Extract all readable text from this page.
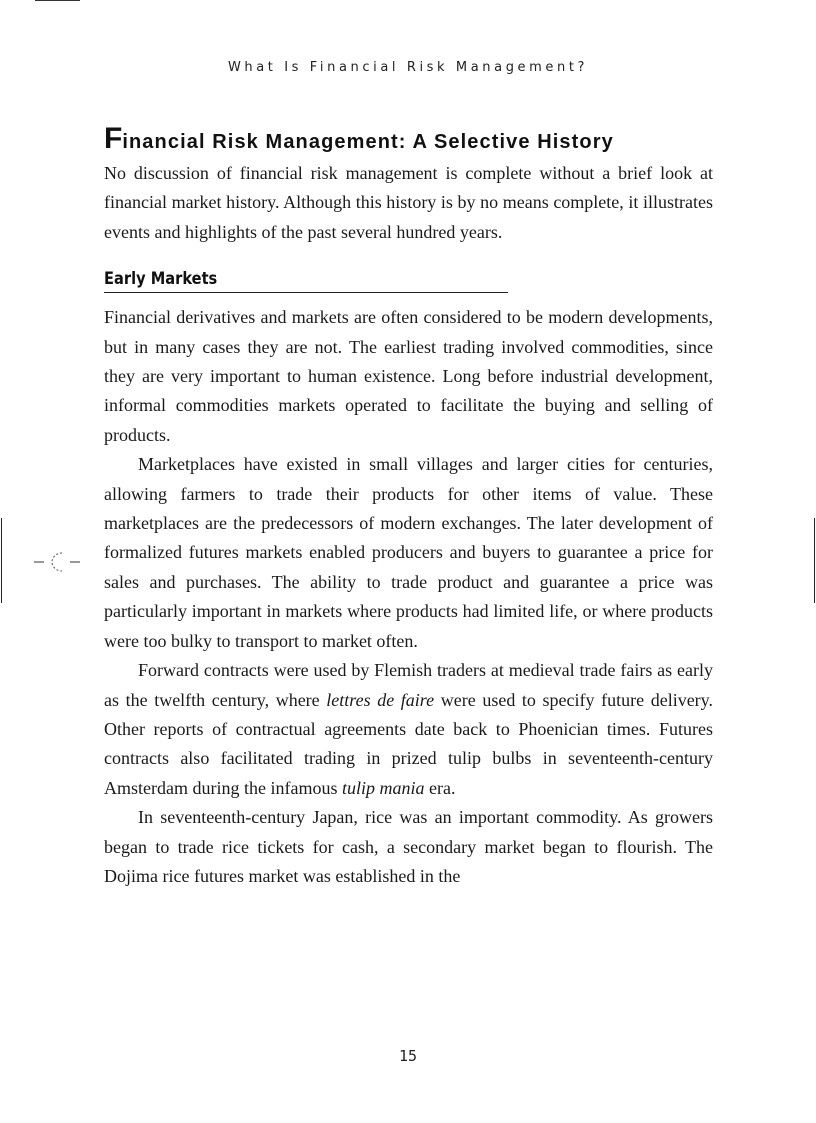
What Is Financial Risk Management?
Financial Risk Management: A Selective History

No discussion of financial risk management is complete without a brief look at financial market history. Although this history is by no means complete, it illustrates events and highlights of the past several hundred years.

Early Markets

Financial derivatives and markets are often considered to be modern developments, but in many cases they are not. The earliest trading involved commodities, since they are very important to human existence. Long before industrial development, informal commodities markets operated to facilitate the buying and selling of products.

Marketplaces have existed in small villages and larger cities for centuries, allowing farmers to trade their products for other items of value. These marketplaces are the predecessors of modern exchanges. The later development of formalized futures markets enabled producers and buyers to guarantee a price for sales and purchases. The ability to trade product and guarantee a price was particularly important in markets where products had limited life, or where products were too bulky to transport to market often.

Forward contracts were used by Flemish traders at medieval trade fairs as early as the twelfth century, where lettres de faire were used to specify future delivery. Other reports of contractual agreements date back to Phoenician times. Futures contracts also facilitated trading in prized tulip bulbs in seventeenth-century Amsterdam during the infamous tulip mania era.

In seventeenth-century Japan, rice was an important commodity. As growers began to trade rice tickets for cash, a secondary market began to flourish. The Dojima rice futures market was established in the

15
